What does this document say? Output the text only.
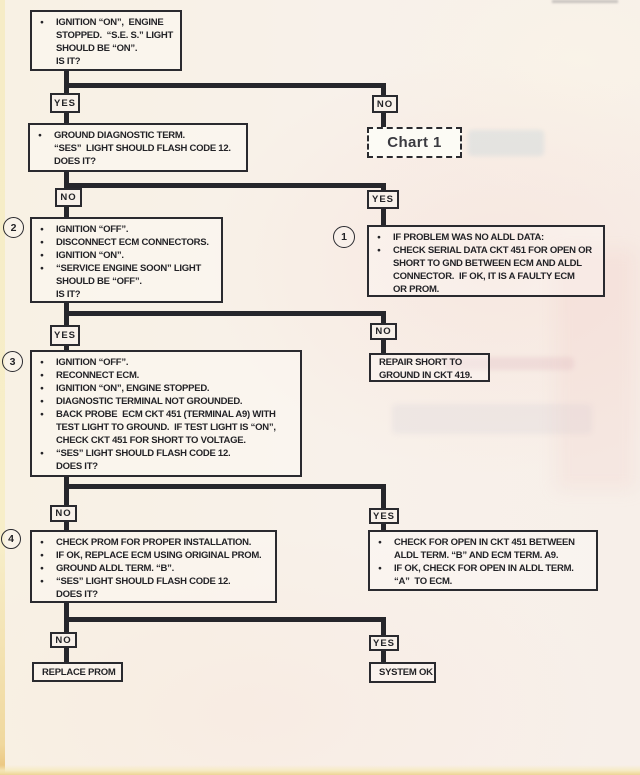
●	IGNITION “ON”,  ENGINE
STOPPED.  “S.E. S.” LIGHT
SHOULD BE “ON”.
IS IT?
●	GROUND DIAGNOSTIC TERM.
“SES”  LIGHT SHOULD FLASH CODE 12.
DOES IT?
●	IGNITION “OFF”.
●	DISCONNECT ECM CONNECTORS.
●	IGNITION “ON”.
●	“SERVICE ENGINE SOON” LIGHT
SHOULD BE “OFF”.
IS IT?
●	IF PROBLEM WAS NO ALDL DATA:
●	CHECK SERIAL DATA CKT 451 FOR OPEN OR
SHORT TO GND BETWEEN ECM AND ALDL
CONNECTOR.  IF OK, IT IS A FAULTY ECM
OR PROM.
●	IGNITION “OFF”.
●	RECONNECT ECM.
●	IGNITION “ON”, ENGINE STOPPED.
●	DIAGNOSTIC TERMINAL NOT GROUNDED.
●	BACK PROBE  ECM CKT 451 (TERMINAL A9) WITH
TEST LIGHT TO GROUND.  IF TEST LIGHT IS “ON”,
CHECK CKT 451 FOR SHORT TO VOLTAGE.
●	“SES” LIGHT SHOULD FLASH CODE 12.
DOES IT?
REPAIR SHORT TO
GROUND IN CKT 419.
●	CHECK PROM FOR PROPER INSTALLATION.
●	IF OK, REPLACE ECM USING ORIGINAL PROM.
●	GROUND ALDL TERM. “B”.
●	“SES” LIGHT SHOULD FLASH CODE 12.
DOES IT?
●	CHECK FOR OPEN IN CKT 451 BETWEEN
ALDL TERM. “B” AND ECM TERM. A9.
●	IF OK, CHECK FOR OPEN IN ALDL TERM.
“A”  TO ECM.
REPLACE PROM	SYSTEM OK
YES	NO
NO	YES
YES	NO
NO	YES
NO	YES
1
2
3
4
Chart 1
